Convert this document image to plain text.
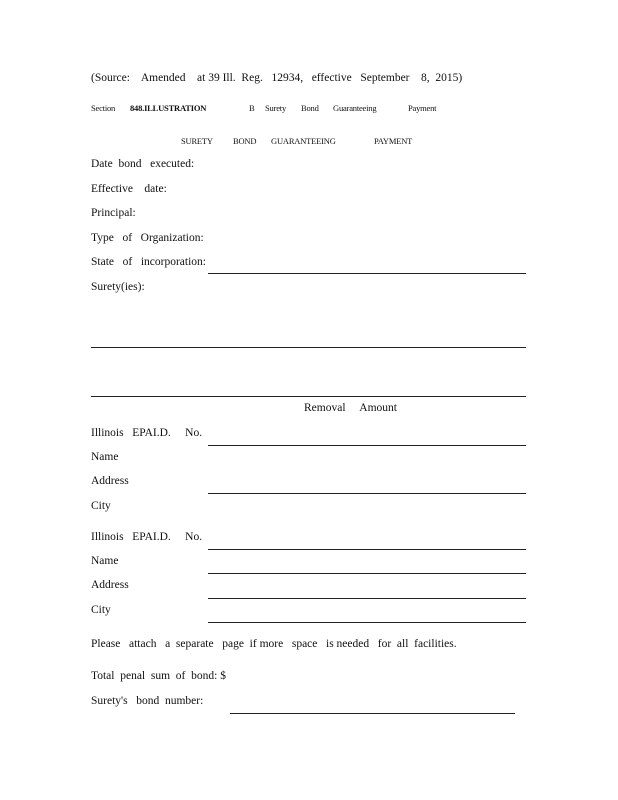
(Source:    Amended    at 39 Ill.  Reg.   12934,   effective   September    8,  2015)
Section 848.ILLUSTRATION	B Surety Bond Guaranteeing	Payment
SURETY BOND GUARANTEEING	PAYMENT
Date  bond   executed:
Effective    date:
Principal:
Type   of   Organization:
State   of   incorporation:
Surety(ies):
Removal     Amount
Illinois   EPAI.D.     No.
Name
Address
City
Illinois   EPAI.D.     No.
Name
Address
City
Please   attach   a  separate   page  if more   space   is needed   for  all  facilities.
Total  penal  sum  of  bond: $
Surety's   bond  number:
